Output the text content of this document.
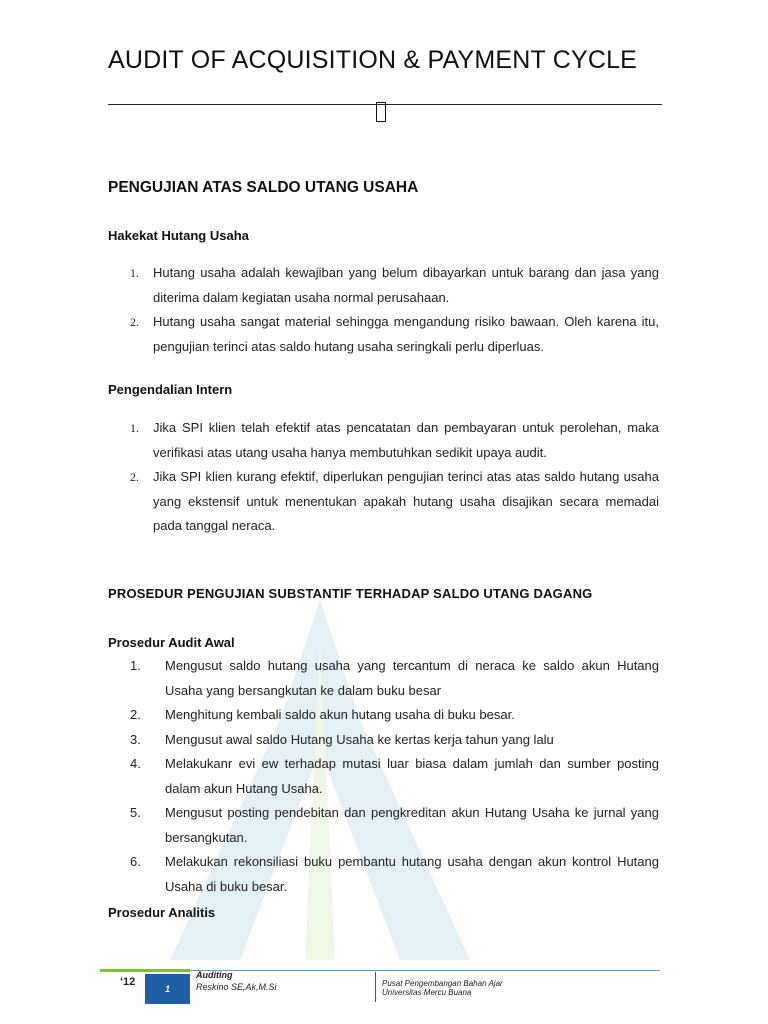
AUDIT OF ACQUISITION & PAYMENT CYCLE
PENGUJIAN ATAS SALDO UTANG USAHA
Hakekat Hutang Usaha
1. Hutang usaha adalah kewajiban yang belum dibayarkan untuk barang dan jasa yang diterima dalam kegiatan usaha normal perusahaan.
2. Hutang usaha sangat material sehingga mengandung risiko bawaan. Oleh karena itu, pengujian terinci atas saldo hutang usaha seringkali perlu diperluas.
Pengendalian Intern
1. Jika SPI klien telah efektif atas pencatatan dan pembayaran untuk perolehan, maka verifikasi atas utang usaha hanya membutuhkan sedikit upaya audit.
2. Jika SPI klien kurang efektif, diperlukan pengujian terinci atas atas saldo hutang usaha yang ekstensif untuk menentukan apakah hutang usaha disajikan secara memadai pada tanggal neraca.
PROSEDUR PENGUJIAN SUBSTANTIF TERHADAP SALDO UTANG DAGANG
Prosedur Audit Awal
1. Mengusut saldo hutang usaha yang tercantum di neraca ke saldo akun Hutang Usaha yang bersangkutan ke dalam buku besar
2. Menghitung kembali saldo akun hutang usaha di buku besar.
3. Mengusut awal saldo Hutang Usaha ke kertas kerja tahun yang lalu
4. Melakukanr evi ew terhadap mutasi luar biasa dalam jumlah dan sumber posting dalam akun Hutang Usaha.
5. Mengusut posting pendebitan dan pengkreditan akun Hutang Usaha ke jurnal yang bersangkutan.
6. Melakukan rekonsiliasi buku pembantu hutang usaha dengan akun kontrol Hutang Usaha di buku besar.
Prosedur Analitis
‘12
1
Auditing
Reskino SE,Ak,M.Si	Pusat Pengembangan Bahan Ajar
Universitas Mercu Buana
